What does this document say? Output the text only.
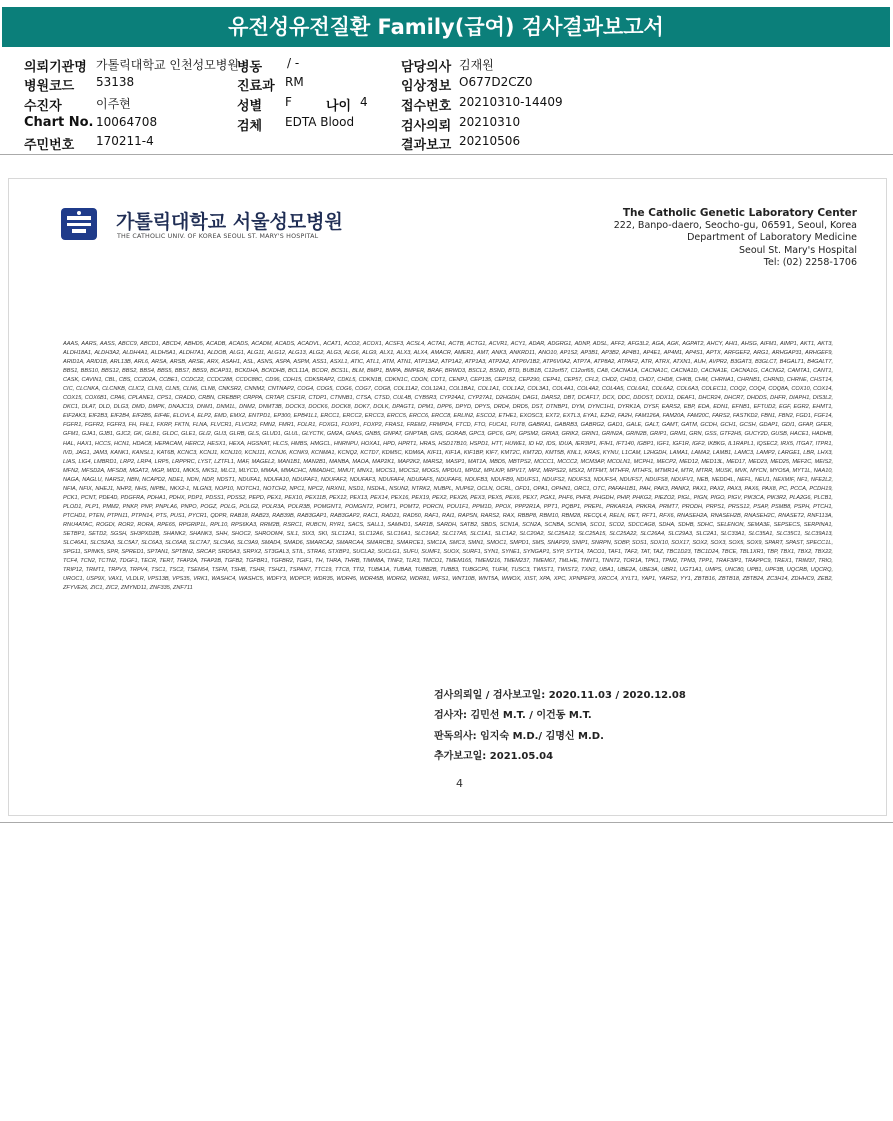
유전성유전질환 Family(급여) 검사결과보고서
의뢰기관명 가톨릭대학교 인천성모병원
병원코드 53138
수진자	이주현
Chart No. 10064708
주민번호 170211-4
병동 / -
진료과 RM
성별 F	나이 4
검체 EDTA Blood
담당의사 김재원
임상정보 O677D2CZ0
접수번호 20210310-14409
검사의뢰 20210310
결과보고 20210506
가톨릭대학교 서울성모병원
THE CATHOLIC UNIV. OF KOREA SEOUL ST. MARY'S HOSPITAL
The Catholic Genetic Laboratory Center
222, Banpo-daero, Seocho-gu, 06591, Seoul, Korea
Department of Laboratory Medicine
Seoul St. Mary's Hospital
Tel: (02) 2258-1706
AAAS, AARS, AASS, ABCC9, ABCD1, ABCD4, ABHD5, ACADB, ACADS, ACADM, ACADS, ACADVL, ACAT1, ACO2, ACOX1, ACSF3, ACSL4, ACTA1, ACTB, ACTG1, ACVR1, ACY1, ADAR, ADGRG1, ADNP, ADSL, AFF2, AFG3L2, AGA, AGK, AGPAT2, AHCY, AHI1, AHSG, AIFM1, AIMP1, AKT1, AKT3, ALDH18A1, ALDH3A2, ALDH4A1, ALDH5A1, ALDH7A1, ALDOB, ALG1, ALG11, ALG12, ALG13, ALG2, ALG3, ALG6, ALG9, ALX1, ALX3, ALX4, AMACR, AMER1, AMT, ANK3, ANKRD11, ANO10, AP1S2, AP3B1, AP3B2, AP4B1, AP4E1, AP4M1, AP4S1, APTX, ARFGEF2, ARG1, ARHGAP31, ARHGEF9, ARID1A, ARID1B, ARL13B, ARL6, ARSA, ARSB, ARSE, ARX, ASAH1, ASL, ASNS, ASPA, ASPM, ASS1, ASXL1, ATIC, ATL1, ATM, ATN1, ATP13A2, ATP1A2, ATP1A3, ATP2A2, ATP6V1B2, ATP6V0A2, ATP7A, ATP8A2, ATPAF2, ATR, ATRX, ATXN1, AUH, AVPR2, B3GAT3, B3GLCT, B4GALT1, B4GALT7, BBS1, BBS10, BBS12, BBS2, BBS4, BBS5, BBS7, BBS9, BCAP31, BCKDHA, BCKDHB, BCL11A, BCOR, BCS1L, BLM, BMP1, BMPA, BMPER, BRAF, BRWD3, BSCL2, BSND, BTD, BUB1B, C12orf57, C12orf65, CA8, CACNA1A, CACNA1C, CACNA1D, CACNA1E, CACNA1G, CACNG2, CAMTA1, CANT1, CASK, CAVIN1, CBL, CBS, CC2D2A, CCBE1, CCDC22, CCDC288, CCDC88C, CD96, CDH15, CDK5RAP2, CDKL5, CDKN1B, CDKN1C, CDON, CDT1, CENPJ, CEP135, CEP152, CEP290, CEP41, CEP57, CFL2, CHD2, CHD3, CHD7, CHD8, CHKB, CHM, CHRNA1, CHRNB1, CHRND, CHRNE, CHST14, CIC, CLCNKA, CLCNKB, CLIC2, CLN3, CLN5, CLN6, CLN8, CNKSR2, CNNM2, CNTNAP2, COG4, COG5, COG6, COG7, COG8, COL11A2, COL12A1, COL1BA1, COL1A1, COL1A2, COL3A1, COL4A1, COL4A2, COL4A5, COL6A1, COL6A2, COL6A3, COLEC11, COQ2, COQ4, COQ8A, COX10, COX14, COX15, COX6B1, CPA6, CPLANE1, CPS1, CRADD, CRBN, CREBBP, CRPPA, CRTAP, CSF1R, CTDP1, CTNNB1, CTSA, CTSD, CUL4B, CYB5R3, CYP24A1, CYP27A1, D2HGDH, DAG1, DARS2, DBT, DCAF17, DCX, DDC, DDOST, DDX11, DEAF1, DHCR24, DHCR7, DHDDS, DHFR, DIAPH1, DIS3L2, DKC1, DLAT, DLD, DLG3, DMD, DMPK, DNAJC19, DNM1, DNM1L, DNM2, DNMT3B, DOCK3, DOCK6, DOCK8, DOK7, DOLK, DPAGT1, DPM1, DPP6, DPYD, DPYS, DRD4, DRD5, DST, DTNBP1, DYM, DYNC1H1, DYRK1A, DYSF, EARS2, EBP, EDA, EDN1, EFNB1, EFTUD2, EGF, EGR2, EHMT1, EIF2AK3, EIF2B3, EIF2B4, EIF2B5, EIF4E, ELOVL4, ELP2, EMD, EMX2, ENTPD1, EP300, EPB41L1, ERCC1, ERCC2, ERCC3, ERCC5, ERCC6, ERCC8, ERLIN2, ESCO2, ETHE1, EXOSC3, EXT2, EXTL3, EYA1, EZH2, FA2H, FAM126A, FAM20A, FAM20C, FARS2, FASTKD2, FBN1, FBN2, FGD1, FGF14, FGFR1, FGFR2, FGFR3, FH, FHL1, FKRP, FKTN, FLNA, FLVCR1, FLVCR2, FMN2, FMR1, FOLR1, FOXG1, FOXP1, FOXP2, FRAS1, FREM2, FRMPD4, FTCD, FTO, FUCA1, FUT8, GABRA1, GABRB3, GABRG2, GAD1, GALE, GALT, GAMT, GATM, GCDH, GCH1, GCSH, GDAP1, GDI1, GFAP, GFER, GFM1, GJA1, GJB1, GJC2, GK, GLB1, GLDC, GLE1, GLI2, GLI3, GLRB, GLS, GLUD1, GLUL, GLYCTK, GM2A, GNAS, GNB5, GNPAT, GNPTAB, GNS, GORAB, GPC3, GPC6, GPI, GPSM2, GRIA3, GRIK2, GRIN1, GRIN2A, GRIN2B, GRIP1, GRM1, GRN, GSS, GTF2H5, GUCY2D, GUSB, HACE1, HADHB, HAL, HAX1, HCCS, HCN1, HDAC8, HEPACAM, HERC2, HESX1, HEXA, HGSNAT, HLCS, HMBS, HMGCL, HNRNPU, HOXA1, HPD, HPRT1, HRAS, HSD17B10, HSPD1, HTT, HUWE1, ID H2, IDS, IDUA, IER3IP1, IFIH1, IFT140, IGBP1, IGF1, IGF1R, IGF2, IKBKG, IL1RAPL1, IQSEC2, IRX5, ITGA7, ITPR1, IVD, JAG1, JAM3, KANK1, KANSL1, KAT6B, KCNC3, KCNJ1, KCNJ10, KCNJ11, KCNJ6, KCNK9, KCNMA1, KCNQ2, KCTD7, KDM5C, KDM6A, KIF11, KIF1A, KIF1BP, KIF7, KMT2C, KMT2D, KMT5B, KNL1, KRAS, KYNU, L1CAM, L2HGDH, LAMA1, LAMA2, LAMB1, LAMC3, LAMP2, LARGE1, LBR, LHX3, LIAS, LIG4, LMBRD1, LRP2, LRP4, LRP5, LRPPRC, LYST, LZTFL1, MAF, MAGEL2, MAN1B1, MAN2B1, MANBA, MAOA, MAP2K1, MAP2K2, MARS2, MASP1, MAT1A, MBD5, MBTPS2, MCCC1, MCCC2, MCM3AP, MCOLN1, MCPH1, MECP2, MED12, MED13L, MED17, MED23, MED25, MEF2C, MEIS2, MFN2, MFSD2A, MFSD8, MGAT2, MGP, MID1, MKKS, MKS1, MLC1, MLYCD, MMAA, MMACHC, MMADHC, MMUT, MNX1, MOCS1, MOCS2, MOGS, MPDU1, MPDZ, MPLKIP, MPV17, MPZ, MRPS22, MSX2, MTFMT, MTHFR, MTHFS, MTMR14, MTR, MTRR, MUSK, MVK, MYCN, MYO5A, MYT1L, NAA10, NAGA, NAGLU, NARS2, NBN, NCAPD2, NDE1, NDN, NDP, NDST1, NDUFA1, NDUFA10, NDUFAF1, NDUFAF2, NDUFAF3, NDUFAF4, NDUFAF5, NDUFAF6, NDUFB3, NDUFB9, NDUFS1, NDUFS2, NDUFS3, NDUFS4, NDUFS7, NDUFS8, NDUFV1, NEB, NEDD4L, NEFL, NEU1, NEXMIF, NF1, NFE2L2, NFIA, NFIX, NHEJ1, NHP2, NHS, NIPBL, NKX2-1, NLGN3, NOP10, NOTCH1, NOTCH2, NPC1, NPC2, NRXN1, NSD1, NSDHL, NSUN2, NTRK2, NUBPL, NUP62, OCLN, OCRL, OFD1, OPA1, OPHN1, ORC1, OTC, PAFAH1B1, PAH, PAK3, PANK2, PAX1, PAX2, PAX3, PAX6, PAX8, PC, PCCA, PCDH19, PCK1, PCNT, PDE4D, PDGFRA, PDHA1, PDHX, PDP1, PDSS1, PDSS2, PEPD, PEX1, PEX10, PEX11B, PEX12, PEX13, PEX14, PEX16, PEX19, PEX2, PEX26, PEX3, PEX5, PEX6, PEX7, PGK1, PHF6, PHF8, PHGDH, PHIP, PHKG2, PIEZO2, PIGL, PIGN, PIGO, PIGV, PIK3CA, PIK3R2, PLA2G6, PLCB1, PLOD1, PLP1, PMM2, PNKP, PNP, PNPLA6, PNPO, POGZ, POLG, POLG2, POLR3A, POLR3B, POMGNT1, POMGNT2, POMT1, POMT2, PORCN, POU1F1, PPM1D, PPOX, PPP2R1A, PPT1, PQBP1, PREPL, PRKAR1A, PRKRA, PRMT7, PRODH, PRPS1, PRSS12, PSAP, PSMB8, PSPH, PTCH1, PTCHD1, PTEN, PTPN11, PTPN14, PTS, PUS1, PYCR1, QDPR, RAB18, RAB23, RAB39B, RAB3GAP1, RAB3GAP2, RAC1, RAD21, RAD50, RAF1, RAI1, RAPSN, RARS2, RAX, RBBP8, RBM10, RBM28, RECQL4, RELN, RET, RFT1, RFX6, RNASEH2A, RNASEH2B, RNASEH2C, RNASET2, RNF113A, RNU4ATAC, ROGDI, ROR2, RORA, RPE65, RPGRIP1L, RPL10, RPS6KA3, RRM2B, RSRC1, RUBCN, RYR1, SACS, SALL1, SAMHD1, SAR1B, SARDH, SATB2, SBDS, SCN1A, SCN2A, SCNBA, SCN9A, SCO1, SCO2, SDCCAG8, SDHA, SDHB, SDHC, SELENON, SEMA3E, SEPSECS, SERPINA1, SETBP1, SETD2, SGSH, SH3PXD2B, SHANK2, SHANK3, SHH, SHOC2, SHROOM4, SIL1, SIX3, SKI, SLC12A1, SLC12A6, SLC16A1, SLC16A2, SLC17A5, SLC1A1, SLC1A2, SLC20A2, SLC25A12, SLC25A15, SLC25A22, SLC26A4, SLC29A3, SLC2A1, SLC33A1, SLC35A1, SLC35C1, SLC39A13, SLC46A1, SLC52A3, SLC5A7, SLC6A3, SLC6A8, SLC7A7, SLC9A6, SLC9A9, SMAD4, SMAD6, SMARCA2, SMARCA4, SMARCB1, SMARCE1, SMC1A, SMC3, SMN1, SMOC1, SMPD1, SMS, SNAP29, SNIP1, SNRPN, SOBP, SOS1, SOX10, SOX17, SOX2, SOX3, SOX5, SOX9, SPART, SPAST, SPECC1L, SPG11, SPINK5, SPR, SPRED1, SPTAN1, SPTBN2, SRCAP, SRD5A3, SRPX2, ST3GAL3, STIL, STRA6, STXBP1, SUCLA2, SUCLG1, SUFU, SUMF1, SUOX, SURF1, SYN1, SYNE1, SYNGAP1, SYP, SYT14, TACO1, TAF1, TAF2, TAT, TAZ, TBC1D23, TBC1D24, TBCE, TBL1XR1, TBP, TBX1, TBX2, TBX22, TCF4, TCN2, TCTN2, TDGF1, TECR, TERT, TFAP2A, TFAP2B, TGFB2, TGFBR1, TGFBR2, TGIF1, TH, THRA, THRB, TIMM8A, TINF2, TLR3, TMCO1, TMEM165, TMEM216, TMEM237, TMEM67, TMLHE, TNNT1, TNNT2, TOR1A, TPK1, TPM2, TPM3, TPP1, TRAF3IP1, TRAPPC9, TREX1, TRIM37, TRIO, TRIP12, TRMT1, TRPV3, TRPV4, TSC1, TSC2, TSEN54, TSFM, TSHB, TSHR, TSHZ1, TSPAN7, TTC19, TTC8, TTI2, TUBA1A, TUBA8, TUBB2B, TUBB3, TUBGCP6, TUFM, TUSC3, TWIST1, TWIST2, TXN2, UBA1, UBE2A, UBE3A, UBR1, UGT1A1, UMPS, UNC80, UPB1, UPF3B, UQCRB, UQCRQ, UROC1, USP9X, VAX1, VLDLR, VPS13B, VPS35, VRK1, WASHC4, WASHC5, WDFY3, WDPCP, WDR35, WDR45, WDR45B, WDR62, WDR81, WFS1, WNT10B, WNT5A, WWOX, XIST, XPA, XPC, XPNPEP3, XRCC4, XYLT1, YAP1, YARS2, YY1, ZBTB16, ZBTB18, ZBTB24, ZC3H14, ZDHHC9, ZEB2, ZFYVE26, ZIC1, ZIC2, ZMYND11, ZNF335, ZNF711
검사의뢰일 / 검사보고일: 2020.11.03 / 2020.12.08
검사자: 김민선 M.T. / 이건동 M.T.
판독의사: 임지숙 M.D./ 김명신 M.D.
추가보고일: 2021.05.04
4
